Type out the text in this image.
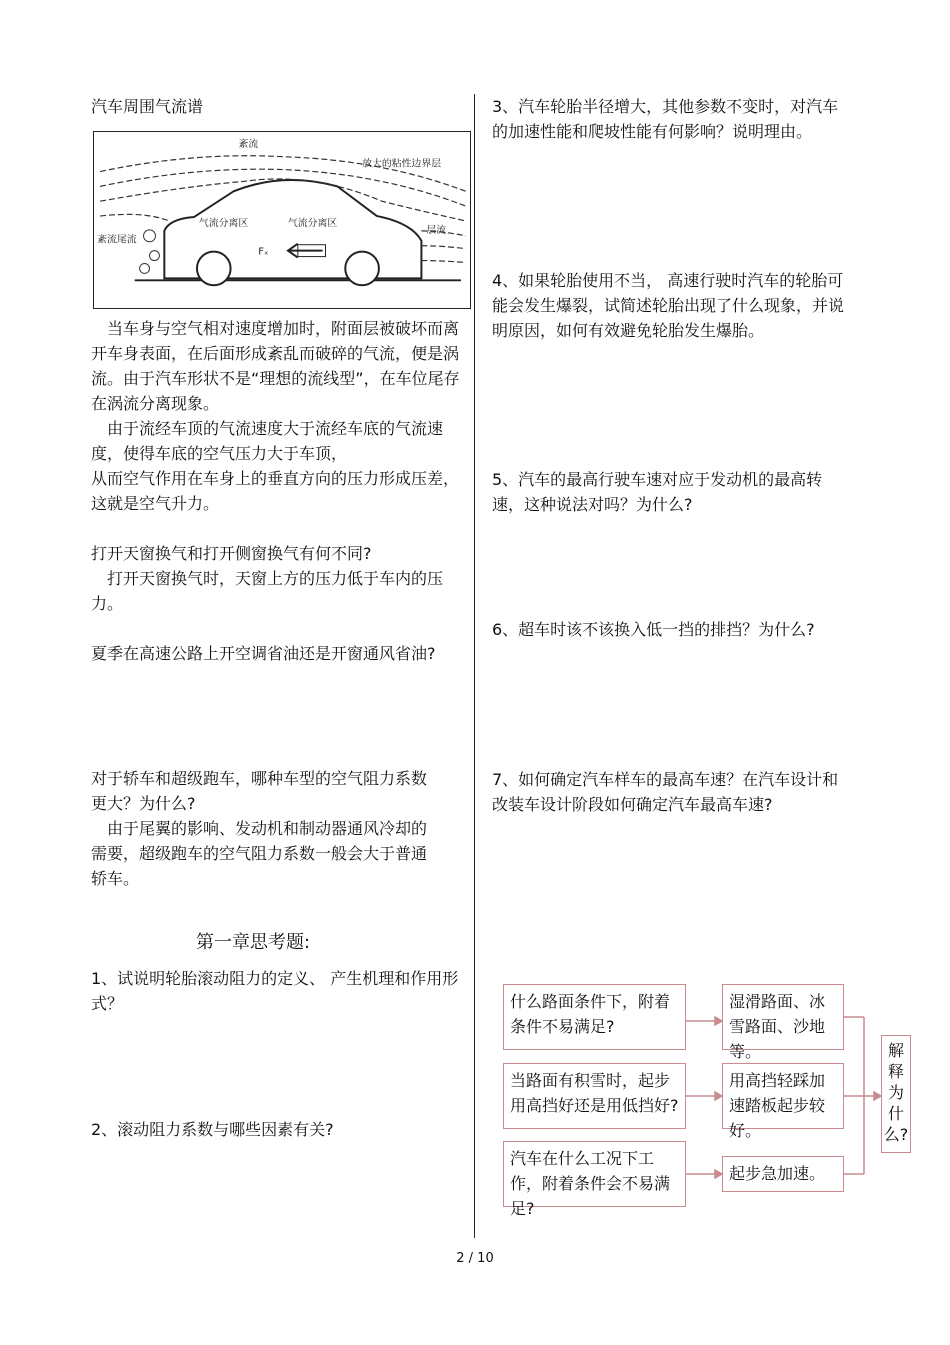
汽车周围气流谱

Fₓ
紊流
放大的粘性边界层
气流分离区	气流分离区
紊流尾流
层流

当车身与空气相对速度增加时，附面层被破坏而离开车身表面，在后面形成紊乱而破碎的气流，便是涡流。由于汽车形状不是“理想的流线型”，在车位尾存在涡流分离现象。

由于流经车顶的气流速度大于流经车底的气流速度，使得车底的空气压力大于车顶，

从而空气作用在车身上的垂直方向的压力形成压差，这就是空气升力。

打开天窗换气和打开侧窗换气有何不同?

打开天窗换气时，天窗上方的压力低于车内的压力。

夏季在高速公路上开空调省油还是开窗通风省油?

对于轿车和超级跑车，哪种车型的空气阻力系数更大？为什么?

由于尾翼的影响、发动机和制动器通风冷却的需要，超级跑车的空气阻力系数一般会大于普通轿车。

第一章思考题:

1、试说明轮胎滚动阻力的定义、 产生机理和作用形式？

2、滚动阻力系数与哪些因素有关?

3、汽车轮胎半径增大，其他参数不变时，对汽车的加速性能和爬坡性能有何影响？说明理由。

4、如果轮胎使用不当， 高速行驶时汽车的轮胎可能会发生爆裂，试简述轮胎出现了什么现象，并说明原因，如何有效避免轮胎发生爆胎。

5、汽车的最高行驶车速对应于发动机的最高转速，这种说法对吗？为什么?

6、超车时该不该换入低一挡的排挡？为什么?

7、如何确定汽车样车的最高车速？在汽车设计和改装车设计阶段如何确定汽车最高车速?

什么路面条件下，附着条件不易满足?
湿滑路面、冰雪路面、沙地等。
当路面有积雪时，起步用高挡好还是用低挡好?
用高挡轻踩加速踏板起步较好。
汽车在什么工况下工作，附着条件会不易满足?
起步急加速。
解释为什么?
2 / 10
